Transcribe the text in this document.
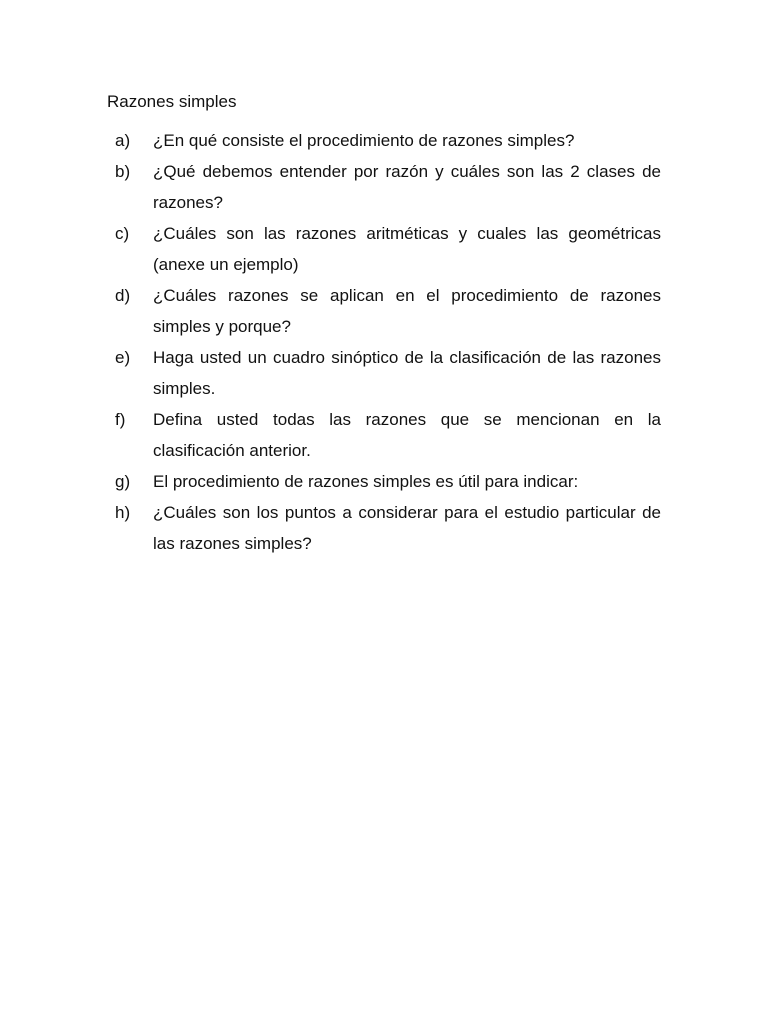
Razones simples
a)	¿En qué consiste el procedimiento de razones simples?
b)	¿Qué debemos entender por razón y cuáles son las 2 clases de razones?
c)	¿Cuáles son las razones aritméticas y cuales las geométricas (anexe un ejemplo)
d)	¿Cuáles razones se aplican en el procedimiento de razones simples y porque?
e)	Haga usted un cuadro sinóptico de la clasificación de las razones simples.
f)	Defina usted todas las razones que se mencionan en la clasificación anterior.
g)	El procedimiento de razones simples es útil para indicar:
h)	¿Cuáles son los puntos a considerar para el estudio particular de las razones simples?
